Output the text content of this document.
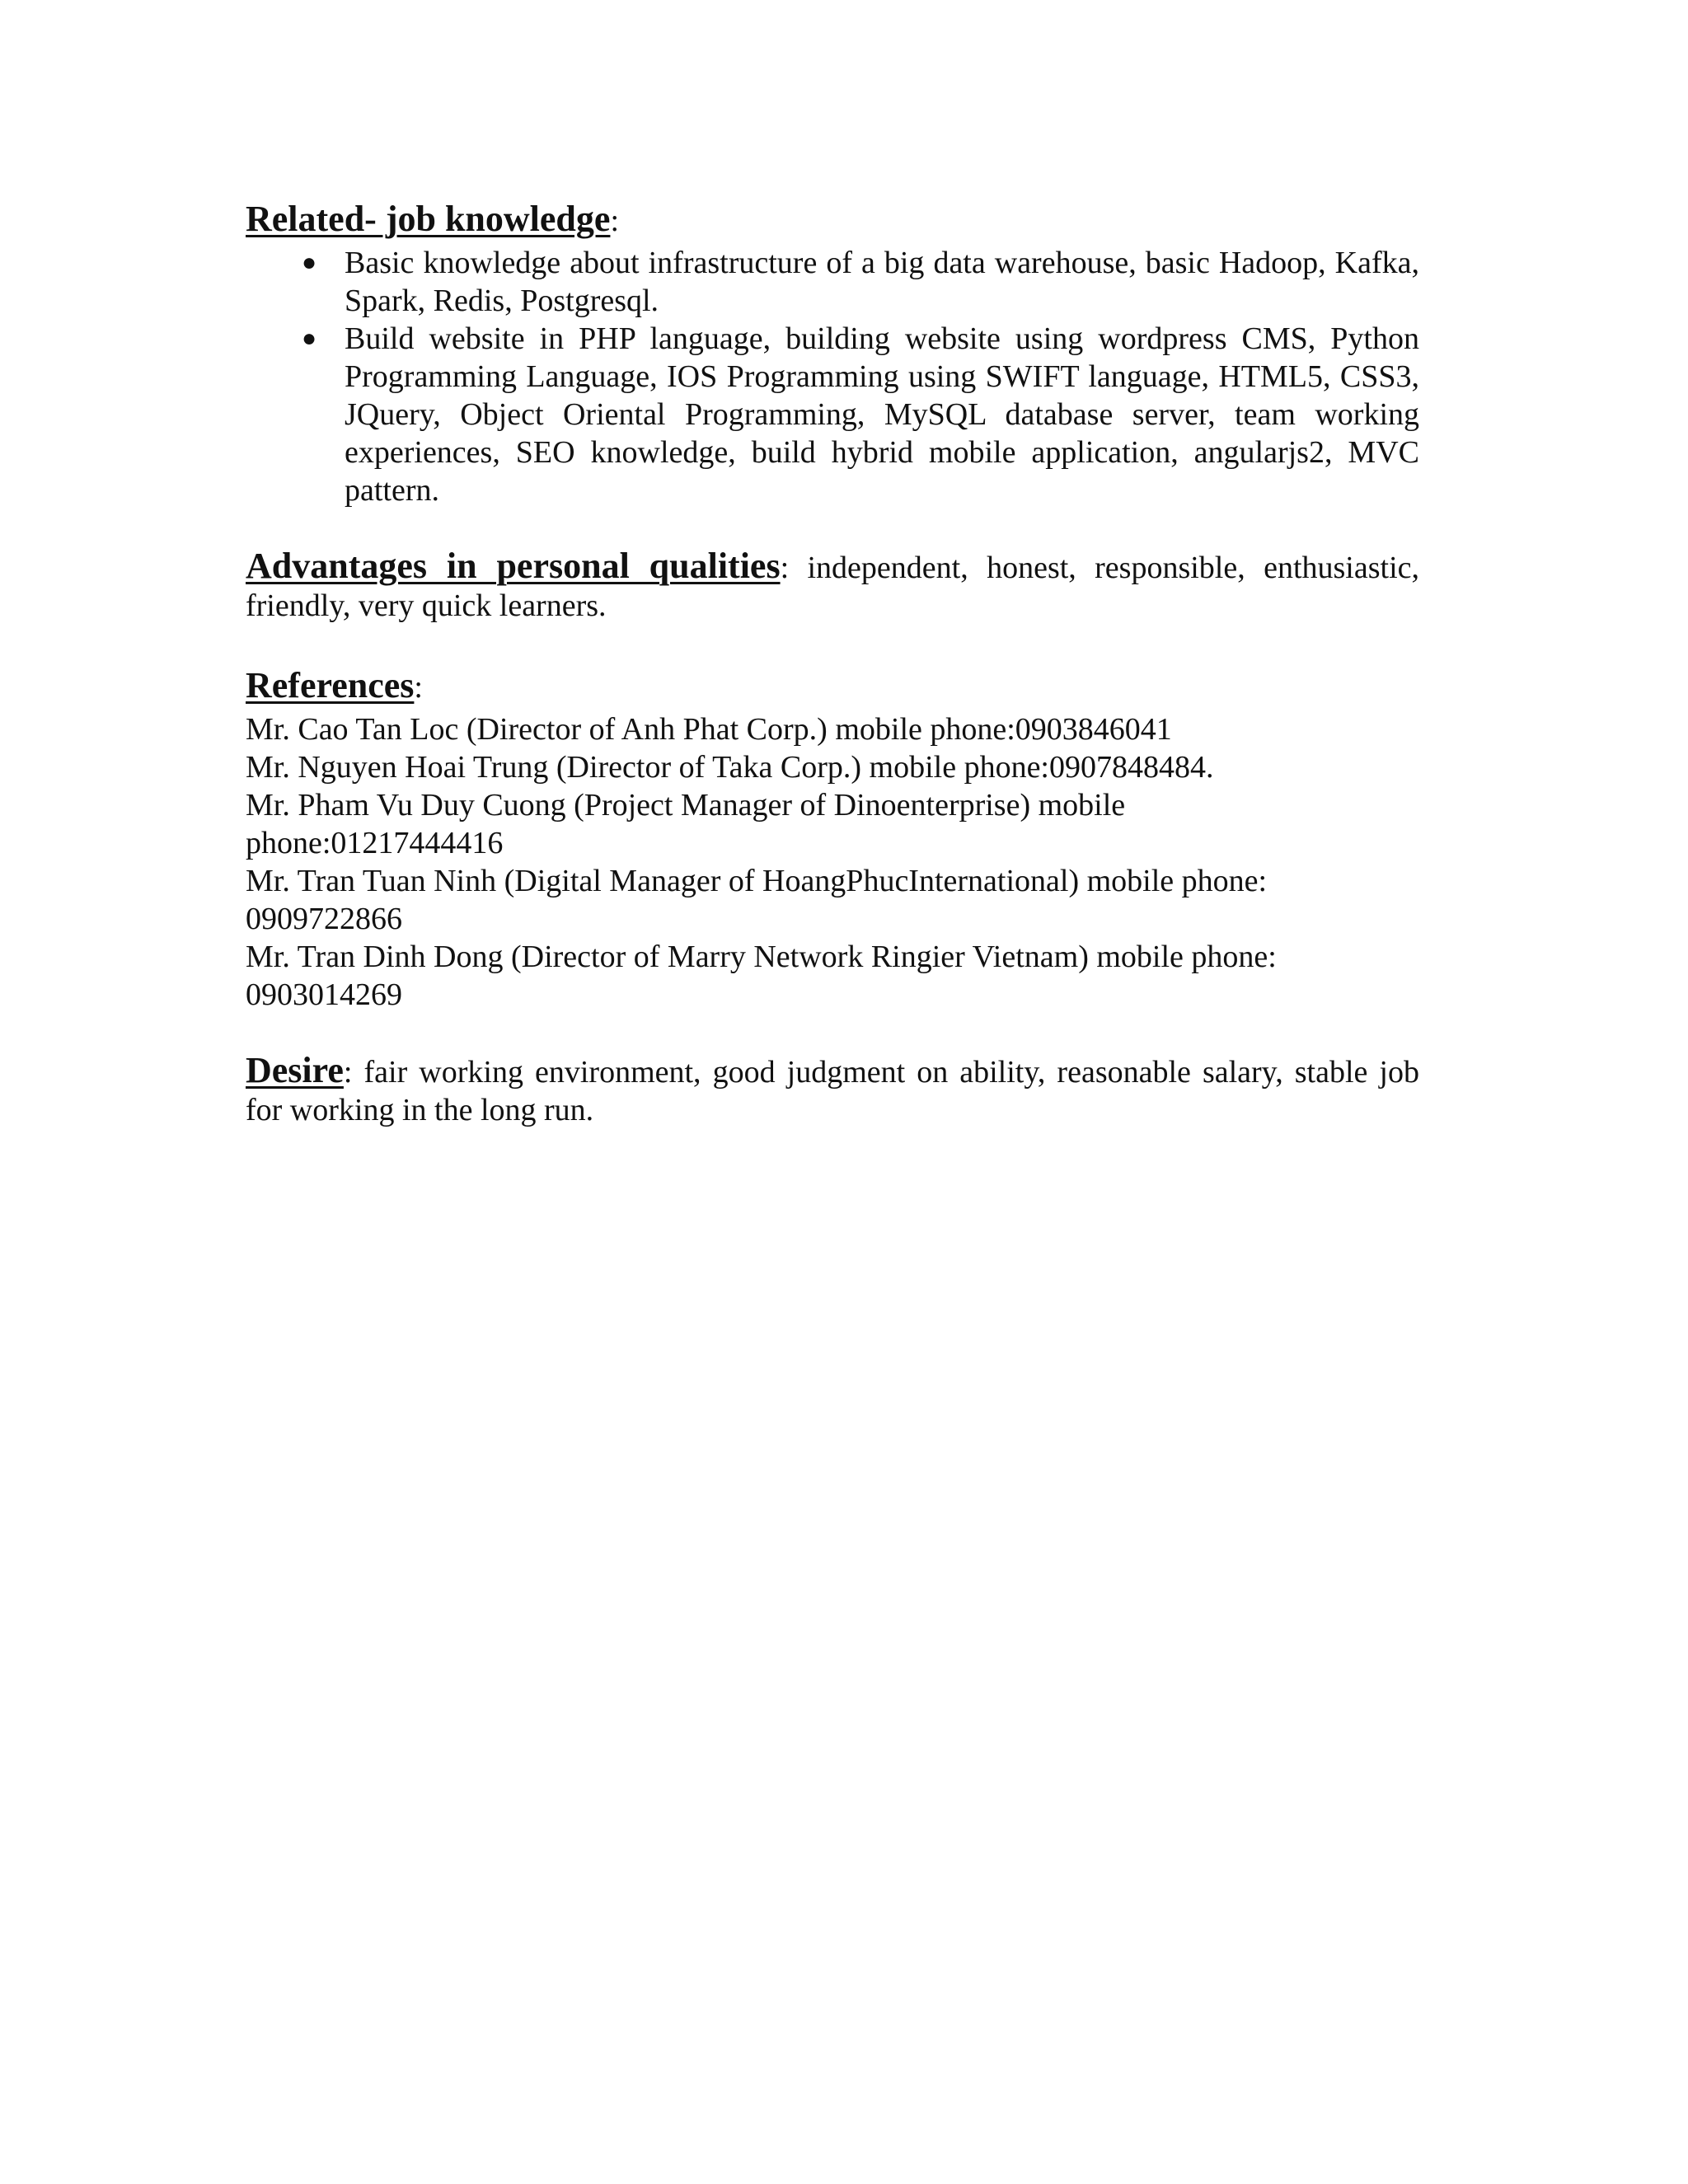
Related- job knowledge:
● Basic knowledge about infrastructure of a big data warehouse, basic Hadoop, Kafka, Spark, Redis, Postgresql.
● Build website in PHP language, building website using wordpress CMS, Python Programming Language, IOS Programming using SWIFT language, HTML5, CSS3, JQuery, Object Oriental Programming, MySQL database server, team working experiences, SEO knowledge, build hybrid mobile application, angularjs2, MVC pattern.

Advantages in personal qualities: independent, honest, responsible, enthusiastic, friendly, very quick learners.

References:

Mr. Cao Tan Loc (Director of Anh Phat Corp.) mobile phone:0903846041

Mr. Nguyen Hoai Trung (Director of Taka Corp.) mobile phone:0907848484.

Mr. Pham Vu Duy Cuong (Project Manager of Dinoenterprise) mobile

phone:01217444416

Mr. Tran Tuan Ninh (Digital Manager of HoangPhucInternational) mobile phone:

0909722866

Mr. Tran Dinh Dong (Director of Marry Network Ringier Vietnam) mobile phone:

0903014269

Desire: fair working environment, good judgment on ability, reasonable salary, stable job for working in the long run.
